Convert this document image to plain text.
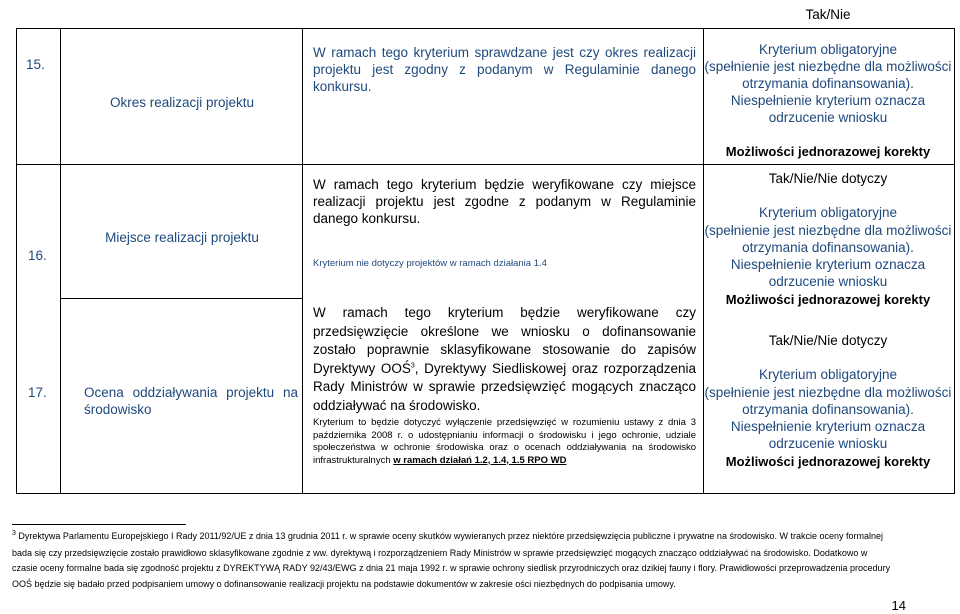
15.
Okres realizacji projektu
W ramach tego kryterium sprawdzane jest czy okres realizacji projektu jest zgodny z podanym w Regulaminie danego konkursu.
Tak/Nie
Kryterium obligatoryjne
(spełnienie jest niezbędne dla możliwości
otrzymania dofinansowania).
Niespełnienie kryterium oznacza
odrzucenie wniosku
Możliwości jednorazowej korekty
16.
Miejsce realizacji projektu
W ramach tego kryterium będzie weryfikowane czy miejsce realizacji projektu jest zgodne z podanym w Regulaminie danego konkursu.
Kryterium nie dotyczy projektów w ramach działania 1.4
Tak/Nie/Nie dotyczy
Kryterium obligatoryjne
(spełnienie jest niezbędne dla możliwości
otrzymania dofinansowania).
Niespełnienie kryterium oznacza
odrzucenie wniosku
Możliwości jednorazowej korekty
17.	Ocena oddziaływania projektu na środowisko
W ramach tego kryterium będzie weryfikowane czy przedsięwzięcie określone we wniosku o dofinansowanie zostało poprawnie sklasyfikowane stosowanie do zapisów Dyrektywy OOŚ$^3$, Dyrektywy Siedliskowej oraz rozporządzenia Rady Ministrów w sprawie przedsięwzięć mogących znacząco oddziaływać na środowisko.
Kryterium to będzie dotyczyć wyłączenie przedsięwzięć w rozumieniu ustawy z dnia 3 października 2008 r. o udostępnianiu informacji o środowisku i jego ochronie, udziale społeczeństwa w ochronie środowiska oraz o ocenach oddziaływania na środowisko infrastrukturalnych w ramach działań 1.2, 1.4, 1.5 RPO WD
Tak/Nie/Nie dotyczy
Kryterium obligatoryjne
(spełnienie jest niezbędne dla możliwości
otrzymania dofinansowania).
Niespełnienie kryterium oznacza
odrzucenie wniosku
Możliwości jednorazowej korekty
$^3$ Dyrektywa Parlamentu Europejskiego I Rady 2011/92/UE z dnia 13 grudnia 2011 r. w sprawie oceny skutków wywieranych przez niektóre przedsięwzięcia publiczne i prywatne na środowisko. W trakcie oceny formalnej
bada się czy przedsięwzięcie zostało prawidłowo sklasyfikowane zgodnie z ww. dyrektywą i rozporządzeniem Rady Ministrów w sprawie przedsięwzięć mogących znacząco oddziaływać na środowisko. Dodatkowo w
czasie oceny formalne bada się zgodność projektu z DYREKTYWĄ RADY 92/43/EWG z dnia 21 maja 1992 r. w sprawie ochrony siedlisk przyrodniczych oraz dzikiej fauny i flory. Prawidłowości przeprowadzenia procedury
OOŚ będzie się badało przed podpisaniem umowy o dofinansowanie realizacji projektu na podstawie dokumentów w zakresie ości niezbędnych do podpisania umowy.
14
